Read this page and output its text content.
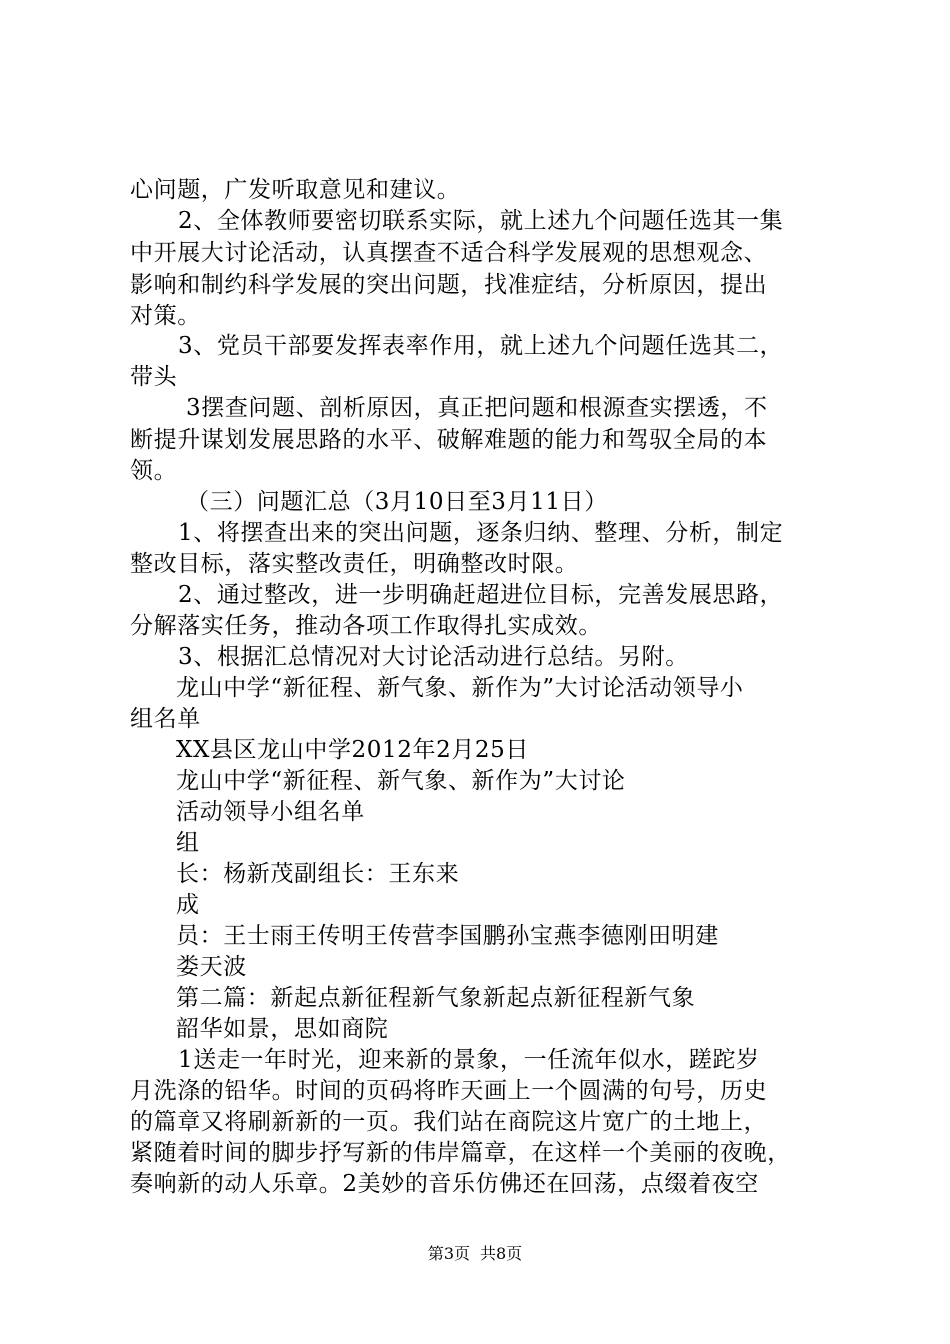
心问题，广发听取意见和建议。
2、全体教师要密切联系实际，就上述九个问题任选其一集
中开展大讨论活动，认真摆查不适合科学发展观的思想观念、
影响和制约科学发展的突出问题，找准症结，分析原因，提出
对策。
3、党员干部要发挥表率作用，就上述九个问题任选其二，
带头
3摆查问题、剖析原因，真正把问题和根源查实摆透，不
断提升谋划发展思路的水平、破解难题的能力和驾驭全局的本
领。
（三）问题汇总（3月10日至3月11日）
1、将摆查出来的突出问题，逐条归纳、整理、分析，制定
整改目标，落实整改责任，明确整改时限。
2、通过整改，进一步明确赶超进位目标，完善发展思路，
分解落实任务，推动各项工作取得扎实成效。
3、根据汇总情况对大讨论活动进行总结。另附。
龙山中学“新征程、新气象、新作为”大讨论活动领导小
组名单
XX县区龙山中学2012年2月25日
龙山中学“新征程、新气象、新作为”大讨论
活动领导小组名单
组
长：杨新茂副组长：王东来
成
员：王士雨王传明王传营李国鹏孙宝燕李德刚田明建
娄天波
第二篇：新起点新征程新气象新起点新征程新气象
韶华如景，思如商院
1送走一年时光，迎来新的景象，一任流年似水，蹉跎岁
月洗涤的铅华。时间的页码将昨天画上一个圆满的句号，历史
的篇章又将刷新新的一页。我们站在商院这片宽广的土地上，
紧随着时间的脚步抒写新的伟岸篇章，在这样一个美丽的夜晚，
奏响新的动人乐章。2美妙的音乐仿佛还在回荡，点缀着夜空
第3页 共8页
